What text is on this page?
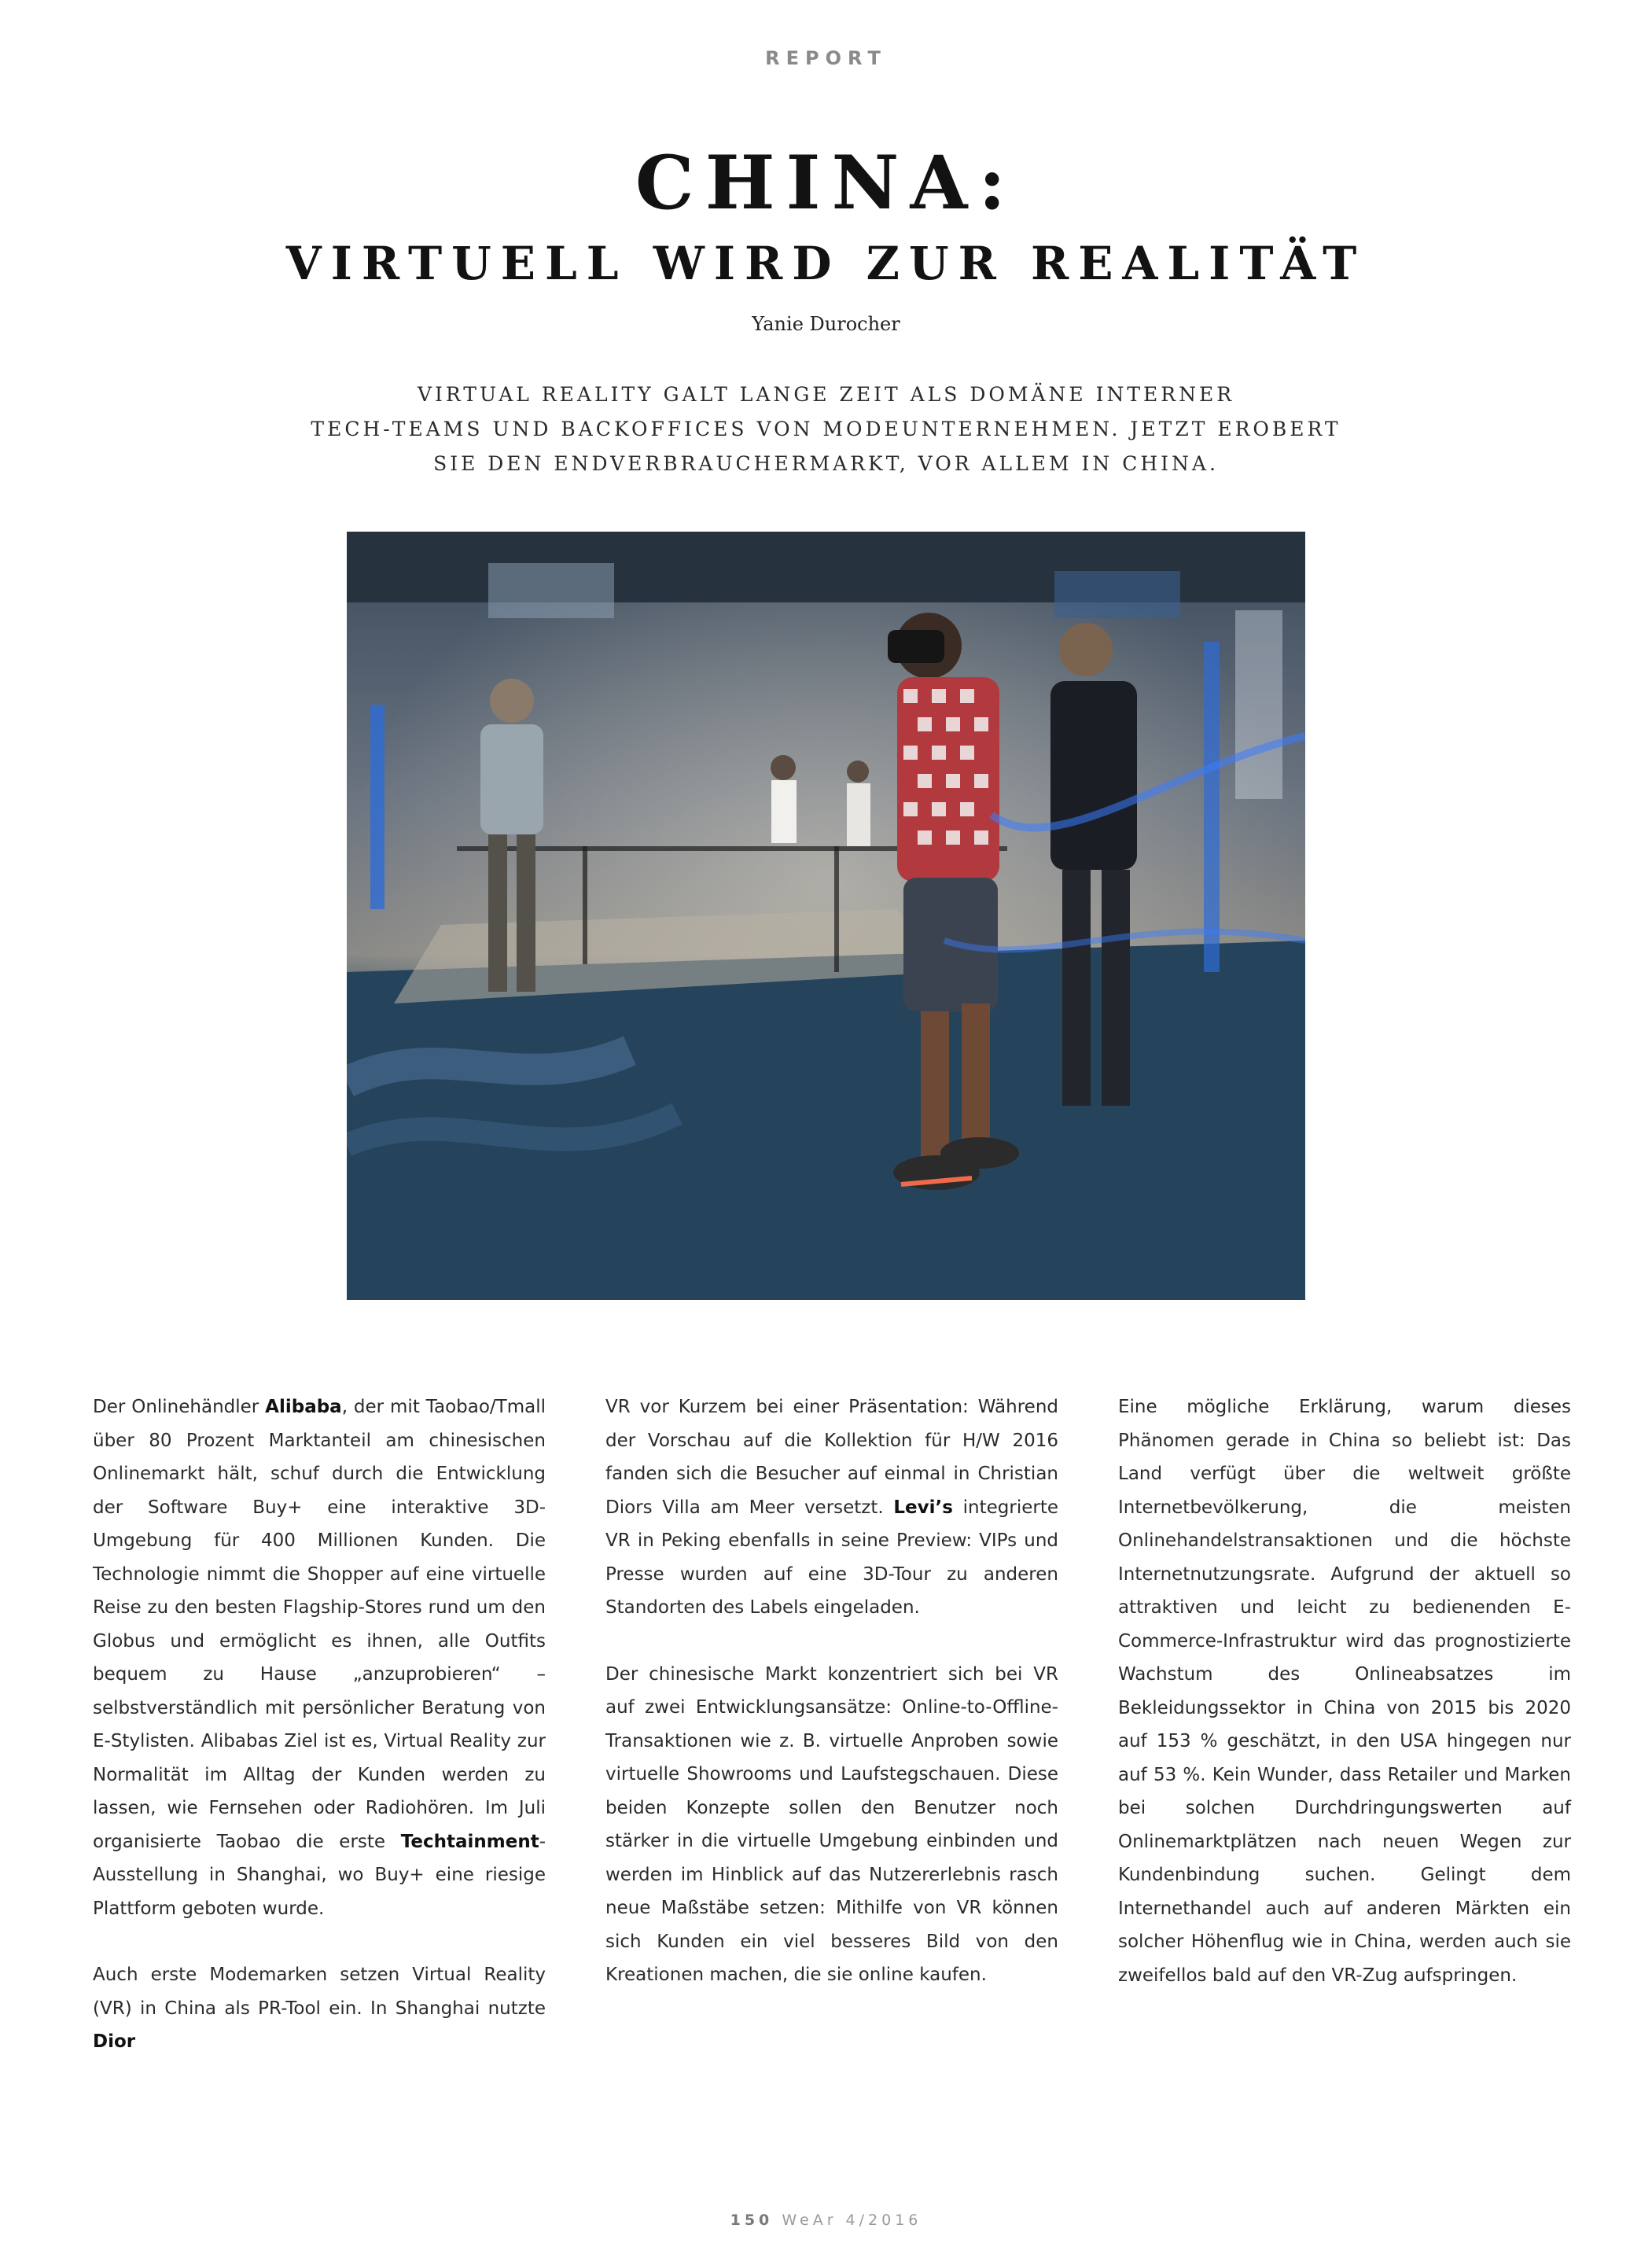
REPORT
CHINA:
VIRTUELL WIRD ZUR REALITÄT
Yanie Durocher
VIRTUAL REALITY GALT LANGE ZEIT ALS DOMÄNE INTERNER
TECH-TEAMS UND BACKOFFICES VON MODEUNTERNEHMEN. JETZT EROBERT
SIE DEN ENDVERBRAUCHERMARKT, VOR ALLEM IN CHINA.

Der Onlinehändler Alibaba, der mit Taobao/Tmall über 80 Prozent Marktanteil am chinesischen Onlinemarkt hält, schuf durch die Entwicklung der Software Buy+ eine interaktive 3D-Umgebung für 400 Millionen Kunden. Die Technologie nimmt die Shopper auf eine virtuelle Reise zu den besten Flagship-Stores rund um den Globus und ermöglicht es ihnen, alle Outfits bequem zu Hause „anzuprobieren“ – selbstverständlich mit persönlicher Beratung von E-Stylisten. Alibabas Ziel ist es, Virtual Reality zur Normalität im Alltag der Kunden werden zu lassen, wie Fernsehen oder Radiohören. Im Juli organisierte Taobao die erste Techtainment-Ausstellung in Shanghai, wo Buy+ eine riesige Plattform geboten wurde.

Auch erste Modemarken setzen Virtual Reality (VR) in China als PR-Tool ein. In Shanghai nutzte Dior

VR vor Kurzem bei einer Präsentation: Während der Vorschau auf die Kollektion für H/W 2016 fanden sich die Besucher auf einmal in Christian Diors Villa am Meer versetzt. Levi’s integrierte VR in Peking ebenfalls in seine Preview: VIPs und Presse wurden auf eine 3D-Tour zu anderen Standorten des Labels eingeladen.

Der chinesische Markt konzentriert sich bei VR auf zwei Entwicklungsansätze: Online-to-Offline-Transaktionen wie z. B. virtuelle Anproben sowie virtuelle Showrooms und Laufstegschauen. Diese beiden Konzepte sollen den Benutzer noch stärker in die virtuelle Umgebung einbinden und werden im Hinblick auf das Nutzererlebnis rasch neue Maßstäbe setzen: Mithilfe von VR können sich Kunden ein viel besseres Bild von den Kreationen machen, die sie online kaufen.

Eine mögliche Erklärung, warum dieses Phänomen gerade in China so beliebt ist: Das Land verfügt über die weltweit größte Internetbevölkerung, die meisten Onlinehandelstransaktionen und die höchste Internetnutzungsrate. Aufgrund der aktuell so attraktiven und leicht zu bedienenden E-Commerce-Infrastruktur wird das prognostizierte Wachstum des Onlineabsatzes im Bekleidungssektor in China von 2015 bis 2020 auf 153 % geschätzt, in den USA hingegen nur auf 53 %. Kein Wunder, dass Retailer und Marken bei solchen Durchdringungswerten auf Onlinemarktplätzen nach neuen Wegen zur Kundenbindung suchen. Gelingt dem Internethandel auch auf anderen Märkten ein solcher Höhenflug wie in China, werden auch sie zweifellos bald auf den VR-Zug aufspringen.

150 WeAr 4/2016
